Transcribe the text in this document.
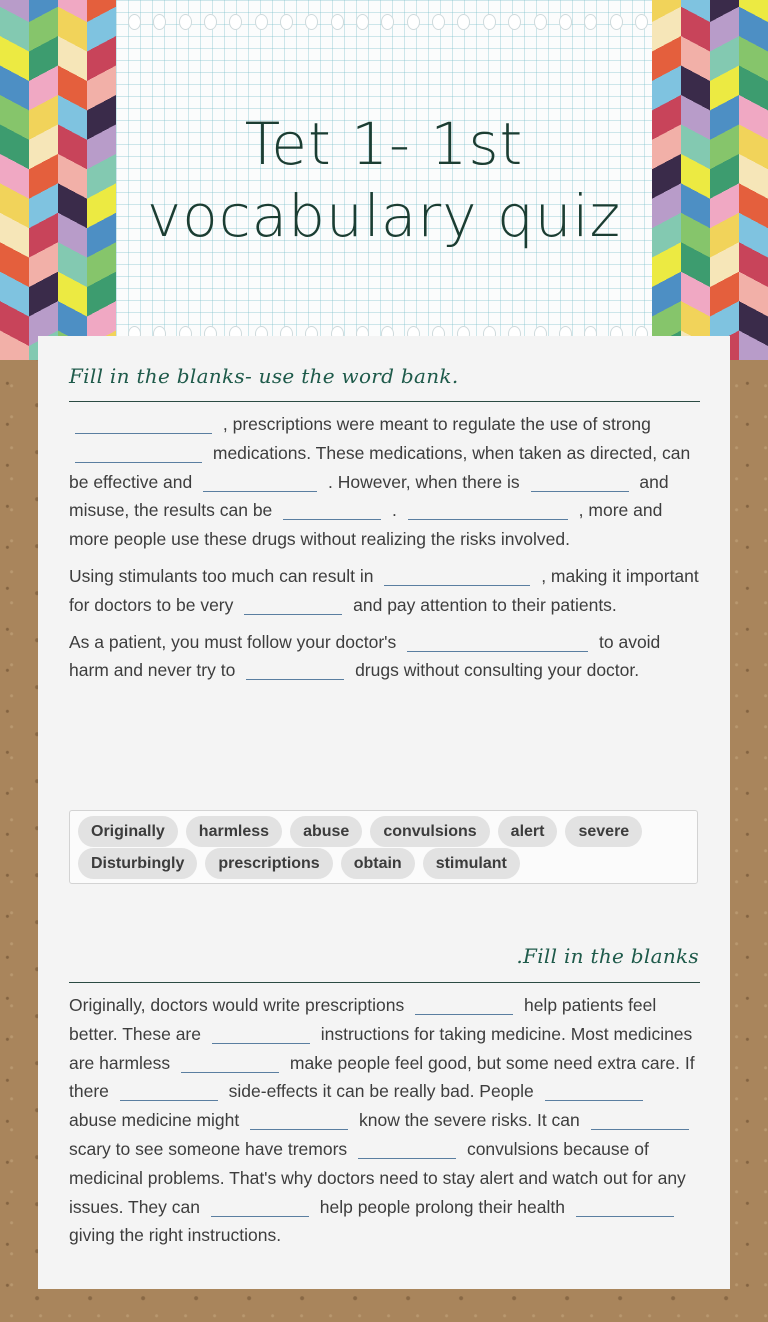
Tet 1- 1st vocabulary quiz
Fill in the blanks- use the word bank.

, prescriptions were meant to regulate the use of strong  medications. These medications, when taken as directed, can be effective and	. However, when there is	and misuse, the results can be	.	, more and more people use these drugs without realizing the risks involved.

Using stimulants too much can result in	, making it important for doctors to be very	and pay attention to their patients.

As a patient, you must follow your doctor's	to avoid harm and never try to	drugs without consulting your doctor.

Originally	harmless	abuse	convulsions	alert	severe
Disturbingly	prescriptions	obtain	stimulant
.Fill in the blanks

Originally, doctors would write prescriptions	help patients feel better. These are	instructions for taking medicine. Most medicines are harmless	make people feel good, but some need extra care. If there	side-effects it can be really bad. People  abuse medicine might	know the severe risks. It can  scary to see someone have tremors	convulsions because of medicinal problems. That's why doctors need to stay alert and watch out for any issues. They can	help people prolong their health  giving the right instructions.
